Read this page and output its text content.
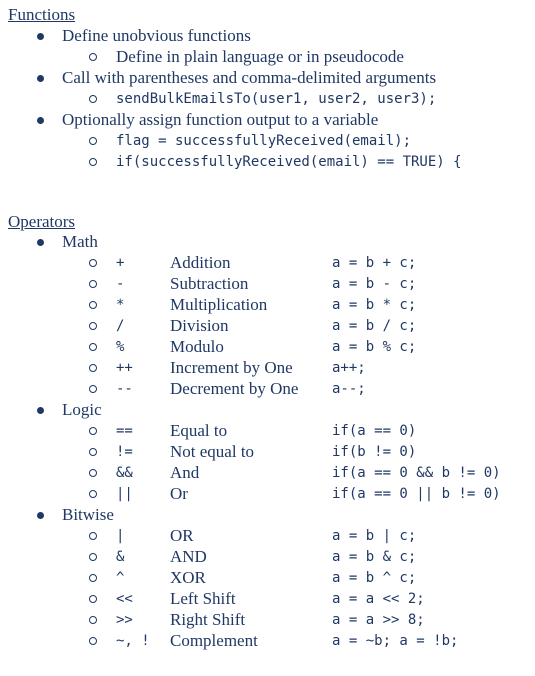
Functions
Define unobvious functions
Define in plain language or in pseudocode
Call with parentheses and comma-delimited arguments
sendBulkEmailsTo(user1, user2, user3);
Optionally assign function output to a variable
flag = successfullyReceived(email);
if(successfullyReceived(email) == TRUE) {
Operators
Math
+	Addition	a = b + c;
-	Subtraction	a = b - c;
*	Multiplication	a = b * c;
/	Division	a = b / c;
%	Modulo	a = b % c;
++ Increment by One	a++;
-- Decrement by One a--;
Logic
== Equal to	if(a == 0)
!= Not equal to	if(b != 0)
&& And	if(a == 0 && b != 0)
|| Or	if(a == 0 || b != 0)
Bitwise
|	OR	a = b | c;
&	AND	a = b & c;
^	XOR	a = b ^ c;
<< Left Shift	a = a << 2;
>> Right Shift	a = a >> 8;
~, ! Complement	a = ~b; a = !b;
